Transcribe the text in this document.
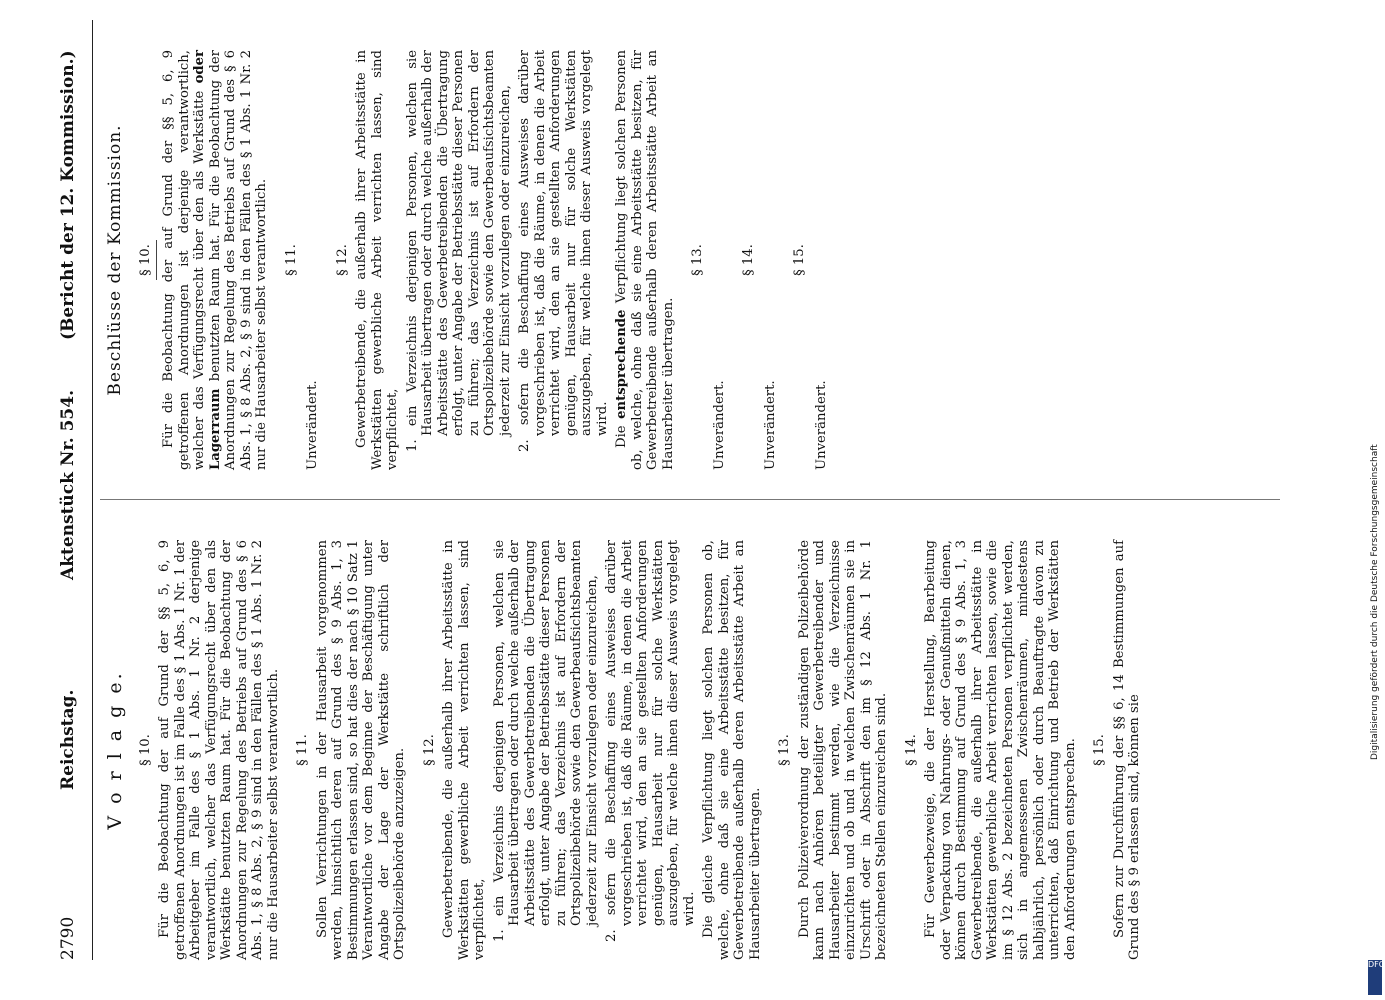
2790
Reichstag.
Aktenstück Nr. 554.
(Bericht der 12. Kommission.)
V o r l a g e. § 10. Für die Beobachtung der auf Grund der §§ 5, 6, 9 getroffenen Anordnungen ist im Falle des § 1 Abs. 1 Nr. 1 der Arbeitgeber im Falle des § 1 Abs. 1 Nr. 2 derjenige verantwortlich, welcher das Verfügungsrecht über den als Werkstätte benutzten Raum hat. Für die Beobachtung der Anordnungen zur Regelung des Betriebs auf Grund des § 6 Abs. 1, § 8 Abs. 2, § 9 sind in den Fällen des § 1 Abs. 1 Nr. 2 nur die Hausarbeiter selbst verantwortlich. § 11. Sollen Verrichtungen in der Hausarbeit vorgenommen werden, hinsichtlich deren auf Grund des § 9 Abs. 1, 3 Bestimmungen erlassen sind, so hat dies der nach § 10 Satz 1 Verantwortliche vor dem Beginne der Beschäftigung unter Angabe der Lage der Werkstätte schriftlich der Ortspolizeibehörde anzuzeigen. § 12. Gewerbetreibende, die außerhalb ihrer Arbeitsstätte in Werkstätten gewerbliche Arbeit verrichten lassen, sind verpflichtet, 1. ein Verzeichnis derjenigen Personen, welchen sie Hausarbeit übertragen oder durch welche außerhalb der Arbeitsstätte des Gewerbetreibenden die Übertragung erfolgt, unter Angabe der Betriebsstätte dieser Personen zu führen; das Verzeichnis ist auf Erfordern der Ortspolizeibehörde sowie den Gewerbeaufsichtsbeamten jederzeit zur Einsicht vorzulegen oder einzureichen, 2. sofern die Beschaffung eines Ausweises darüber vorgeschrieben ist, daß die Räume, in denen die Arbeit verrichtet wird, den an sie gestellten Anforderungen genügen, Hausarbeit nur für solche Werkstätten auszugeben, für welche ihnen dieser Ausweis vorgelegt wird. Die gleiche Verpflichtung liegt solchen Personen ob, welche, ohne daß sie eine Arbeitsstätte besitzen, für Gewerbetreibende außerhalb deren Arbeitsstätte Arbeit an Hausarbeiter übertragen.

§ 13. Durch Polizeiverordnung der zuständigen Polizeibehörde kann nach Anhören beteiligter Gewerbetreibender und Hausarbeiter bestimmt werden, wie die Verzeichnisse einzurichten und ob und in welchen Zwischenräumen sie in Urschrift oder in Abschrift den im § 12 Abs. 1 Nr. 1 bezeichneten Stellen einzureichen sind. § 14. Für Gewerbezweige, die der Herstellung, Bearbeitung oder Verpackung von Nahrungs- oder Genußmitteln dienen, können durch Bestimmung auf Grund des § 9 Abs. 1, 3 Gewerbetreibende, die außerhalb ihrer Arbeitsstätte in Werkstätten gewerbliche Arbeit verrichten lassen, sowie die im § 12 Abs. 2 bezeichneten Personen verpflichtet werden, sich in angemessenen Zwischenräumen, mindestens halbjährlich, persönlich oder durch Beauftragte davon zu unterrichten, daß Einrichtung und Betrieb der Werkstätten den Anforderungen entsprechen. § 15. Sofern zur Durchführung der §§ 6, 14 Bestimmungen auf Grund des § 9 erlassen sind, können sie

Beschlüsse der Kommission. § 10. Für die Beobachtung der auf Grund der §§ 5, 6, 9 getroffenen Anordnungen ist derjenige verantwortlich, welcher das Verfügungsrecht über den als Werkstätte oder Lagerraum benutzten Raum hat. Für die Beobachtung der Anordnungen zur Regelung des Betriebs auf Grund des § 6 Abs. 1, § 8 Abs. 2, § 9 sind in den Fällen des § 1 Abs. 1 Nr. 2 nur die Hausarbeiter selbst verantwortlich. § 11.

Unverändert.

§ 12. Gewerbetreibende, die außerhalb ihrer Arbeitsstätte in Werkstätten gewerbliche Arbeit verrichten lassen, sind verpflichtet, 1. ein Verzeichnis derjenigen Personen, welchen sie Hausarbeit übertragen oder durch welche außerhalb der Arbeitsstätte des Gewerbetreibenden die Übertragung erfolgt, unter Angabe der Betriebsstätte dieser Personen zu führen; das Verzeichnis ist auf Erfordern der Ortspolizeibehörde sowie den Gewerbeaufsichtsbeamten jederzeit zur Einsicht vorzulegen oder einzureichen, 2. sofern die Beschaffung eines Ausweises darüber vorgeschrieben ist, daß die Räume, in denen die Arbeit verrichtet wird, den an sie gestellten Anforderungen genügen, Hausarbeit nur für solche Werkstätten auszugeben, für welche ihnen dieser Ausweis vorgelegt wird.

Die entsprechende Verpflichtung liegt solchen Personen ob, welche, ohne daß sie eine Arbeitsstätte besitzen, für Gewerbetreibende außerhalb deren Arbeitsstätte Arbeit an Hausarbeiter übertragen.

§ 13.

Unverändert.

§ 14.

Unverändert.

§ 15.

Unverändert.

Digitalisierung gefördert durch die Deutsche Forschungsgemeinschaft
DFG
